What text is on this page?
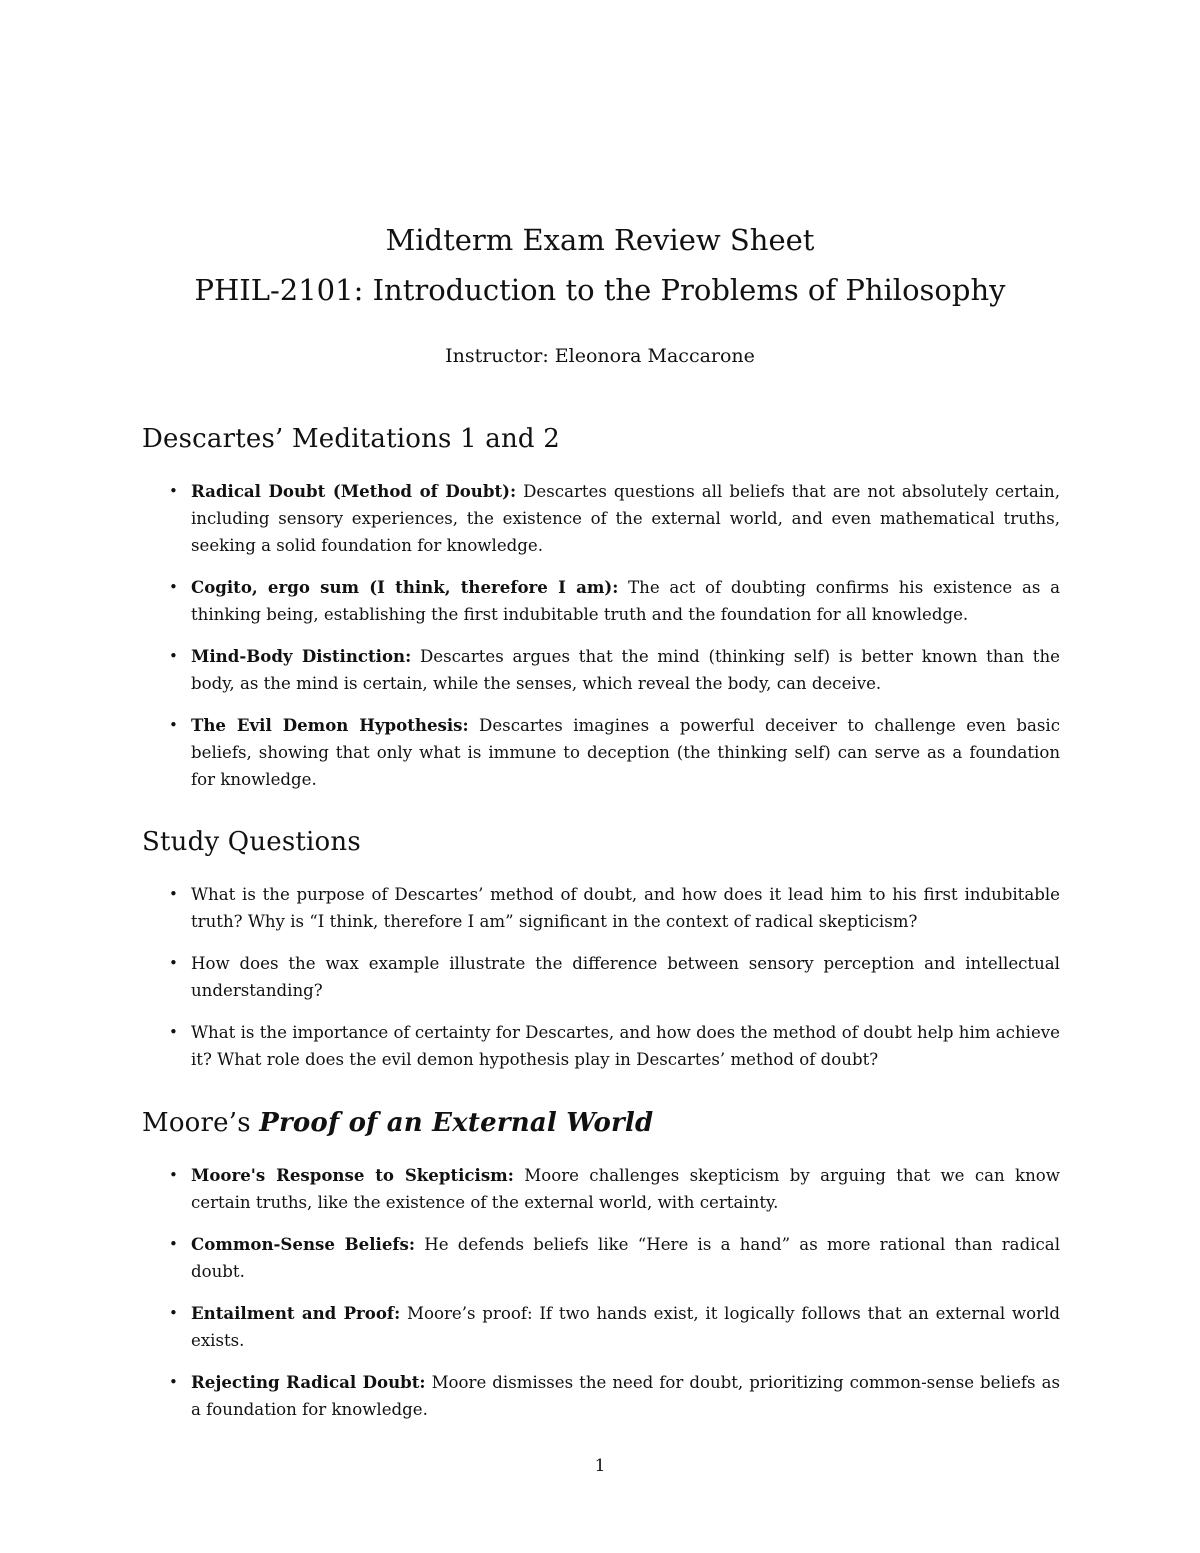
Midterm Exam Review Sheet
PHIL-2101: Introduction to the Problems of Philosophy

Instructor: Eleonora Maccarone

Descartes’ Meditations 1 and 2
• Radical Doubt (Method of Doubt): Descartes questions all beliefs that are not absolutely certain, including sensory experiences, the existence of the external world, and even mathematical truths, seeking a solid foundation for knowledge.
• Cogito, ergo sum (I think, therefore I am): The act of doubting confirms his existence as a thinking being, establishing the first indubitable truth and the foundation for all knowledge.
• Mind-Body Distinction: Descartes argues that the mind (thinking self) is better known than the body, as the mind is certain, while the senses, which reveal the body, can deceive.
• The Evil Demon Hypothesis: Descartes imagines a powerful deceiver to challenge even basic beliefs, showing that only what is immune to deception (the thinking self) can serve as a foundation for knowledge.
Study Questions
• What is the purpose of Descartes’ method of doubt, and how does it lead him to his first indubitable truth? Why is “I think, therefore I am” significant in the context of radical skepticism?
• How does the wax example illustrate the difference between sensory perception and intellectual understanding?
• What is the importance of certainty for Descartes, and how does the method of doubt help him achieve it? What role does the evil demon hypothesis play in Descartes’ method of doubt?
Moore’s Proof of an External World
• Moore's Response to Skepticism: Moore challenges skepticism by arguing that we can know certain truths, like the existence of the external world, with certainty.
• Common-Sense Beliefs: He defends beliefs like “Here is a hand” as more rational than radical doubt.
• Entailment and Proof: Moore’s proof: If two hands exist, it logically follows that an external world exists.
• Rejecting Radical Doubt: Moore dismisses the need for doubt, prioritizing common-sense beliefs as a foundation for knowledge.
1
